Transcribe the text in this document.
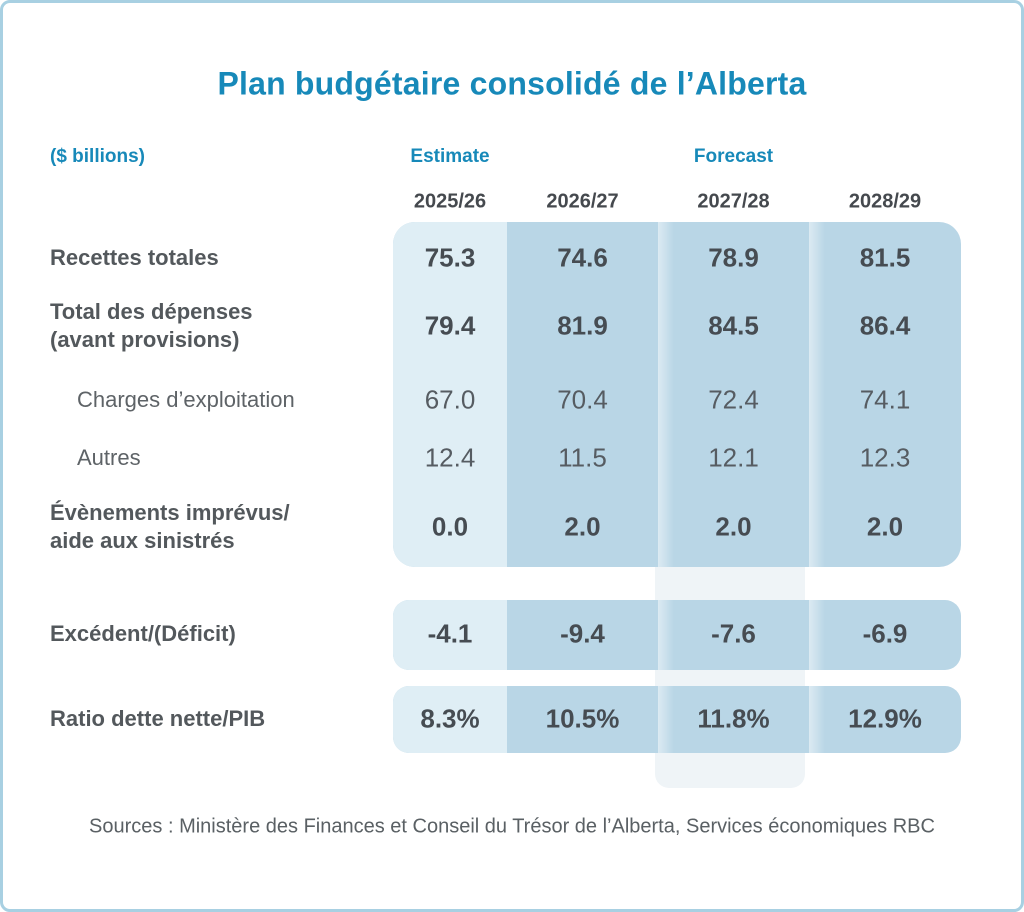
Plan budgétaire consolidé de l’Alberta
($ billions)	Estimate	Forecast
2025/26	2026/27	2027/28	2028/29
Recettes totales	75.3	74.6	78.9	81.5
Total des dépenses
(avant provisions)	79.4	81.9	84.5	86.4
Charges d’exploitation	67.0	70.4	72.4	74.1
Autres	12.4	11.5	12.1	12.3
Évènements imprévus/
aide aux sinistrés	0.0	2.0	2.0	2.0
Excédent/(Déficit)	-4.1	-9.4	-7.6	-6.9
Ratio dette nette/PIB	8.3%	10.5%	11.8%	12.9%
Sources : Ministère des Finances et Conseil du Trésor de l’Alberta, Services économiques RBC
